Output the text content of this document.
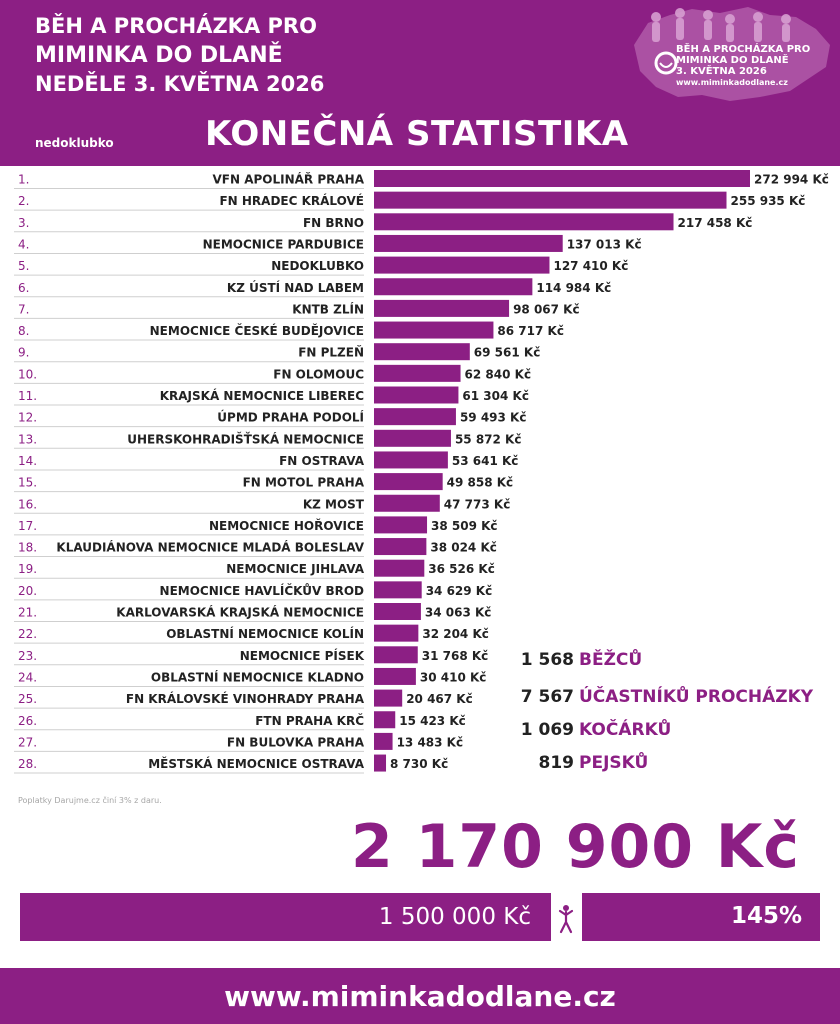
BĚH A PROCHÁZKA PRO
MIMINKA DO DLANĚ
NEDĚLE 3. KVĚTNA 2026
nedoklubko	KONEČNÁ STATISTIKA
BĚH A PROCHÁZKA PRO
MIMINKA DO DLANĚ
3. KVĚTNA 2026
www.miminkadodlane.cz
1.	VFN APOLINÁŘ PRAHA	272 994 Kč
2.	FN HRADEC KRÁLOVÉ	255 935 Kč
3.	FN BRNO	217 458 Kč
4.	NEMOCNICE PARDUBICE	137 013 Kč
5.	NEDOKLUBKO	127 410 Kč
6.	KZ ÚSTÍ NAD LABEM	114 984 Kč
7.	KNTB ZLÍN	98 067 Kč
8.	NEMOCNICE ČESKÉ BUDĚJOVICE	86 717 Kč
9.	FN PLZEŇ	69 561 Kč
10.	FN OLOMOUC	62 840 Kč
11.	KRAJSKÁ NEMOCNICE LIBEREC	61 304 Kč
12.	ÚPMD PRAHA PODOLÍ	59 493 Kč
13.	UHERSKOHRADIŠŤSKÁ NEMOCNICE	55 872 Kč
14.	FN OSTRAVA	53 641 Kč
15.	FN MOTOL PRAHA	49 858 Kč
16.	KZ MOST	47 773 Kč
17.	NEMOCNICE HOŘOVICE	38 509 Kč
18. KLAUDIÁNOVA NEMOCNICE MLADÁ BOLESLAV	38 024 Kč
19.	NEMOCNICE JIHLAVA	36 526 Kč
20.	NEMOCNICE HAVLÍČKŮV BROD	34 629 Kč
21.	KARLOVARSKÁ KRAJSKÁ NEMOCNICE	34 063 Kč
22.	OBLASTNÍ NEMOCNICE KOLÍN	32 204 Kč
23.	NEMOCNICE PÍSEK	31 768 Kč
24.	OBLASTNÍ NEMOCNICE KLADNO	30 410 Kč
25.	FN KRÁLOVSKÉ VINOHRADY PRAHA	20 467 Kč
26.	FTN PRAHA KRČ	15 423 Kč
27.	FN BULOVKA PRAHA	13 483 Kč
28.	MĚSTSKÁ NEMOCNICE OSTRAVA 8 730 Kč
Poplatky Darujme.cz činí 3% z daru.
1 568 BĚŽCŮ
7 567 ÚČASTNÍKŮ PROCHÁZKY
1 069 KOČÁRKŮ
819 PEJSKŮ
2 170 900 Kč
1 500 000 Kč	145%
www.miminkadodlane.cz
